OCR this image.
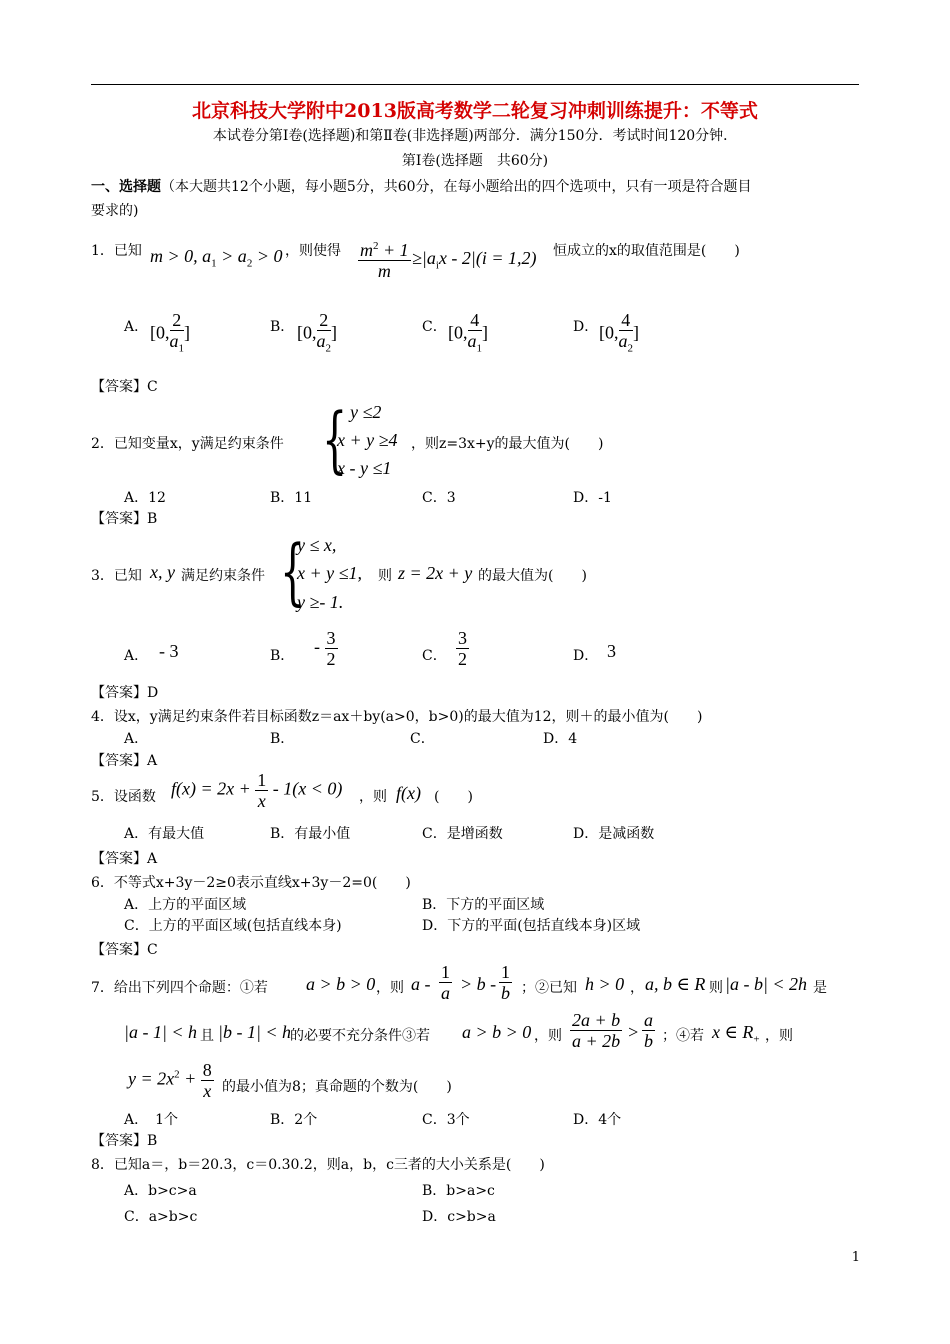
北京科技大学附中2013版高考数学二轮复习冲刺训练提升：不等式
本试卷分第Ⅰ卷(选择题)和第Ⅱ卷(非选择题)两部分．满分150分．考试时间120分钟．
第Ⅰ卷(选择题　共60分)
一、选择题（本大题共12个小题，每小题5分，共60分，在每小题给出的四个选项中，只有一项是符合题目
要求的)
1．已知 m > 0, $a_1 > a_2 > 0$ ，则使得 $\frac{m^2 + 1}{m} \ge|a_ix - 2|(i = 1,2)$ 恒成立的x的取值范围是(　　)
A． [0, $\frac{2}{a_1}$ ]	B． [0, $\frac{2}{a_2}$ ]	C． [0, $\frac{4}{a_1}$ ]	D． [0, $\frac{4}{a_2}$ ]
【答案】C
2．已知变量x，y满足约束条件 { y ≤2
x + y ≥4
x - y ≤1
，则z=3x+y的最大值为(　　)
A．12	B．11	C．3	D．-1
【答案】B
3．已知 x, y 满足约束条件 {
y ≤ x,
x + y ≤1,
y ≥- 1.
则 z = 2x + y 的最大值为(　　)
A． - 3	B． - $\frac{3}{2}$	C． $\frac{3}{2}$	D． 3
【答案】D
4．设x，y满足约束条件若目标函数z＝ax＋by(a>0，b>0)的最大值为12，则＋的最小值为(　　)
A．	B．	C．	D．4
【答案】A
5．设函数 $f(x) = 2x + \frac{1}{x} - 1(x < 0)$ ，则 f(x) (　　)
A．有最大值	B．有最小值	C．是增函数	D．是减函数
【答案】A
6．不等式x+3y－2≥0表示直线x+3y－2=0(　　)
A．上方的平面区域	B．下方的平面区域
C．上方的平面区域(包括直线本身)	D．下方的平面(包括直线本身)区域
【答案】C
7．给出下列四个命题：①若 a > b > 0 ，则 $a - \frac{1}{a} > b - \frac{1}{b}$ ；②已知 h > 0 ， a, b ∈ R 则 |a - b| < 2h 是
|a - 1| < h 且 |b - 1| < h
的必要不充分条件③若 a > b > 0 ，则 $\frac{2a + b}{a + 2b} > \frac{a}{b}$ ；④若 x ∈ $R_+$ ，则
$y = 2x^2 + \frac{8}{x}$ 的最小值为8；真命题的个数为(　　)
A．　1个	B．2个	C．3个	D．4个
【答案】B
8．已知a＝，b＝20.3，c＝0.30.2，则a，b，c三者的大小关系是(　　)
A．b>c>a	B．b>a>c
C．a>b>c	D．c>b>a
1
